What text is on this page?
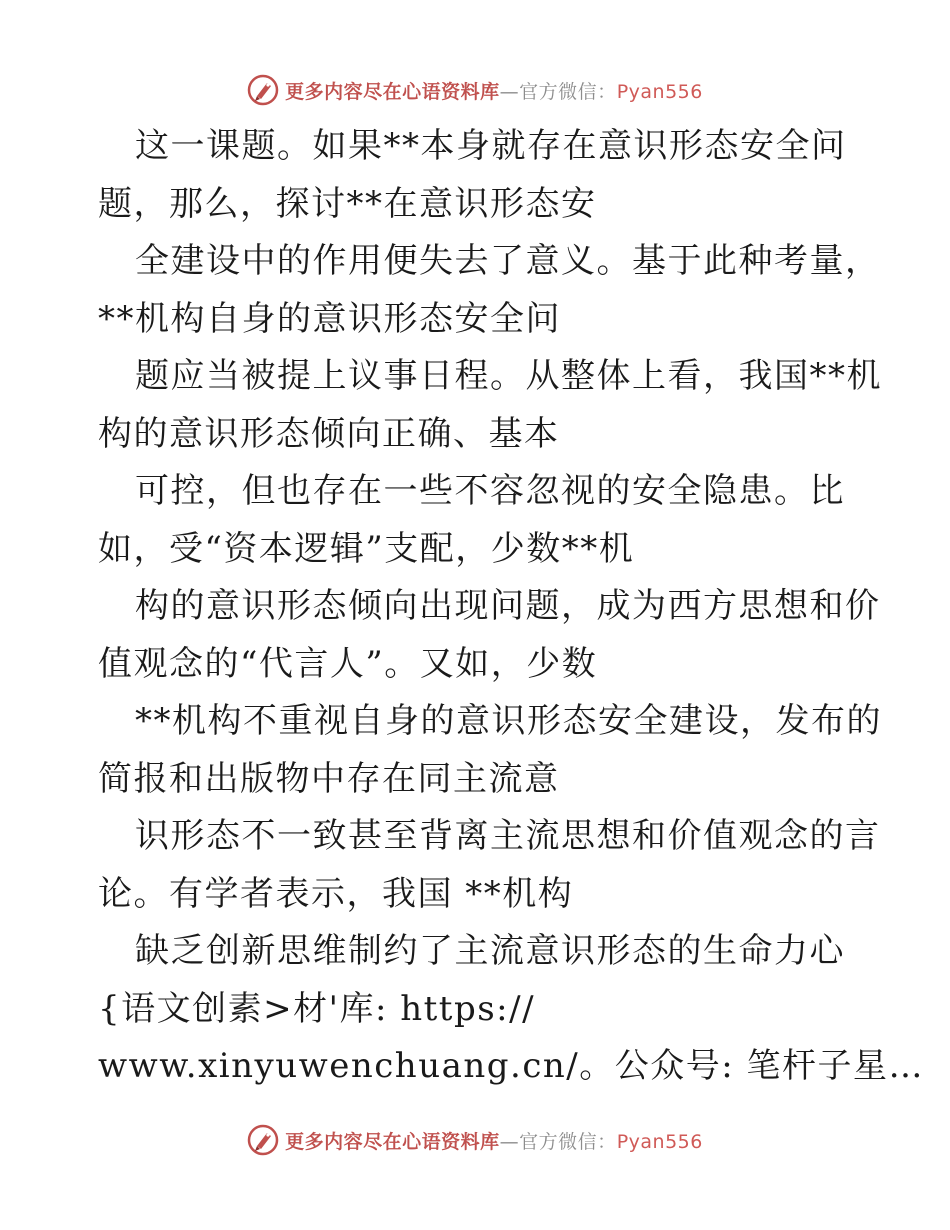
更多内容尽在心语资料库—官方微信：Pyan556
这一课题。如果**本身就存在意识形态安全问
题，那么，探讨**在意识形态安
全建设中的作用便失去了意义。基于此种考量，
**机构自身的意识形态安全问
题应当被提上议事日程。从整体上看，我国**机
构的意识形态倾向正确、基本
可控，但也存在一些不容忽视的安全隐患。比
如，受“资本逻辑”支配，少数**机
构的意识形态倾向出现问题，成为西方思想和价
值观念的“代言人”。又如，少数
**机构不重视自身的意识形态安全建设，发布的
简报和出版物中存在同主流意
识形态不一致甚至背离主流思想和价值观念的言
论。有学者表示，我国 **机构
缺乏创新思维制约了主流意识形态的生命力心
{语文创素>材'库: https://
www.xinyuwenchuang.cn/。公众号: 笔杆子星…
更多内容尽在心语资料库—官方微信：Pyan556
